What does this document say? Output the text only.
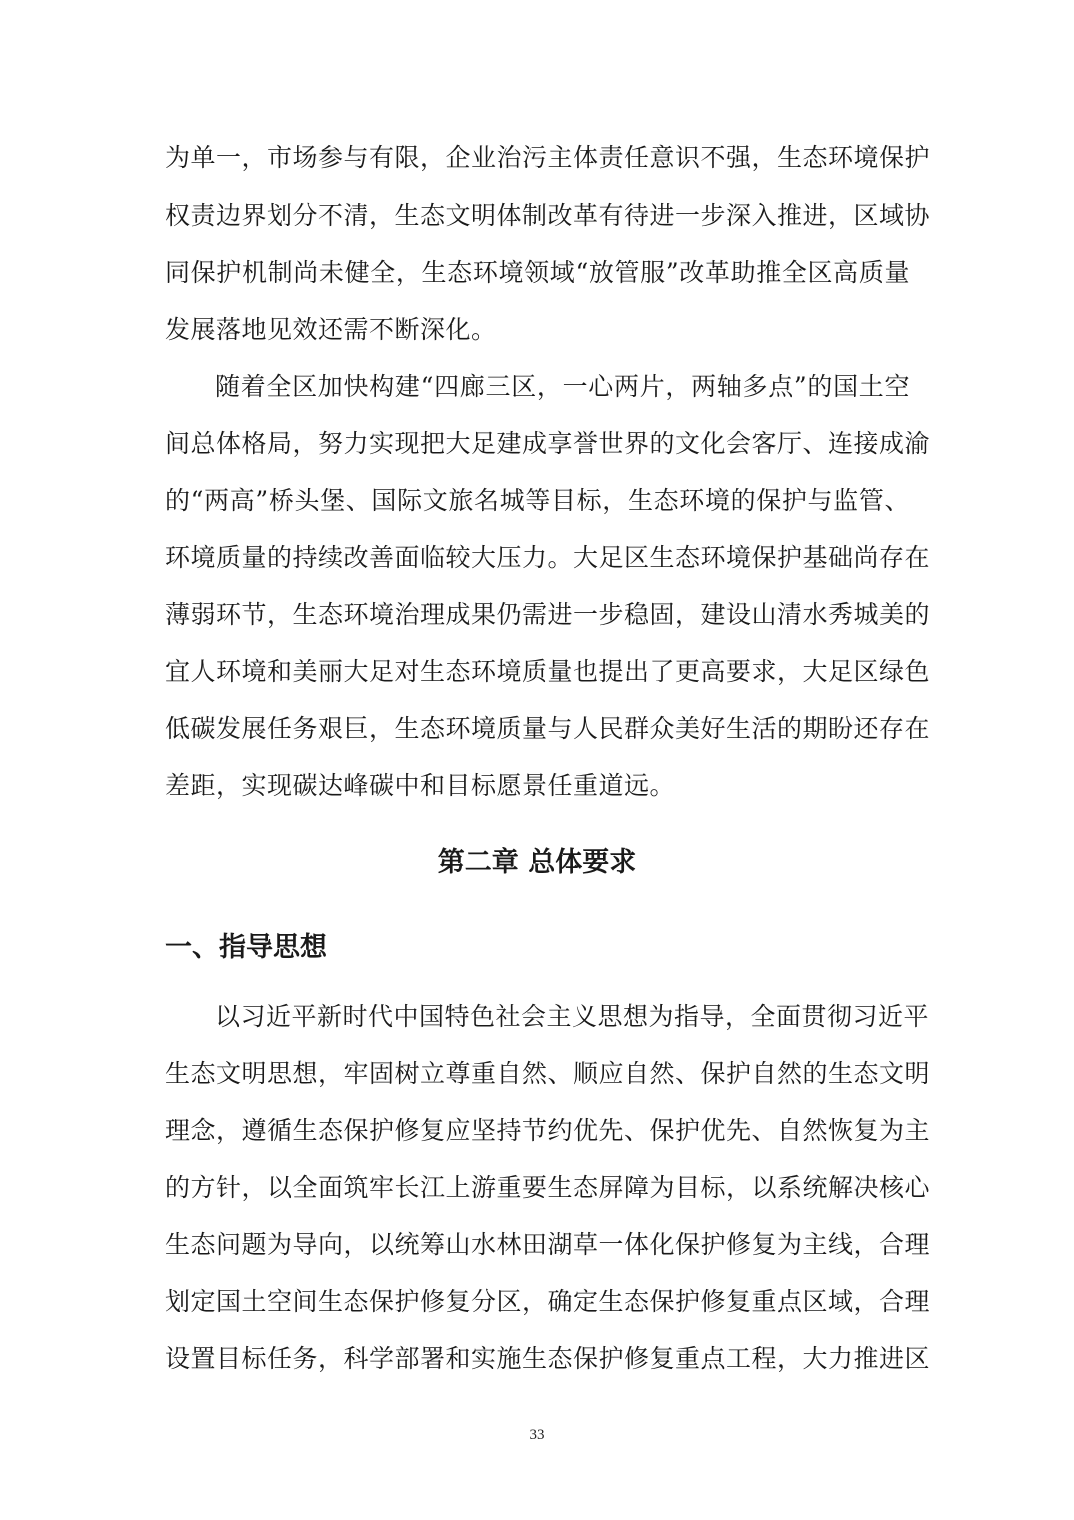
为单一，市场参与有限，企业治污主体责任意识不强，生态环境保护
权责边界划分不清，生态文明体制改革有待进一步深入推进，区域协
同保护机制尚未健全，生态环境领域“放管服”改革助推全区高质量
发展落地见效还需不断深化。
随着全区加快构建“四廊三区，一心两片，两轴多点”的国土空
间总体格局，努力实现把大足建成享誉世界的文化会客厅、连接成渝
的“两高”桥头堡、国际文旅名城等目标，生态环境的保护与监管、
环境质量的持续改善面临较大压力。大足区生态环境保护基础尚存在
薄弱环节，生态环境治理成果仍需进一步稳固，建设山清水秀城美的
宜人环境和美丽大足对生态环境质量也提出了更高要求，大足区绿色
低碳发展任务艰巨，生态环境质量与人民群众美好生活的期盼还存在
差距，实现碳达峰碳中和目标愿景任重道远。
第二章 总体要求
一、指导思想
以习近平新时代中国特色社会主义思想为指导，全面贯彻习近平
生态文明思想，牢固树立尊重自然、顺应自然、保护自然的生态文明
理念，遵循生态保护修复应坚持节约优先、保护优先、自然恢复为主
的方针，以全面筑牢长江上游重要生态屏障为目标，以系统解决核心
生态问题为导向，以统筹山水林田湖草一体化保护修复为主线，合理
划定国土空间生态保护修复分区，确定生态保护修复重点区域，合理
设置目标任务，科学部署和实施生态保护修复重点工程，大力推进区
33
